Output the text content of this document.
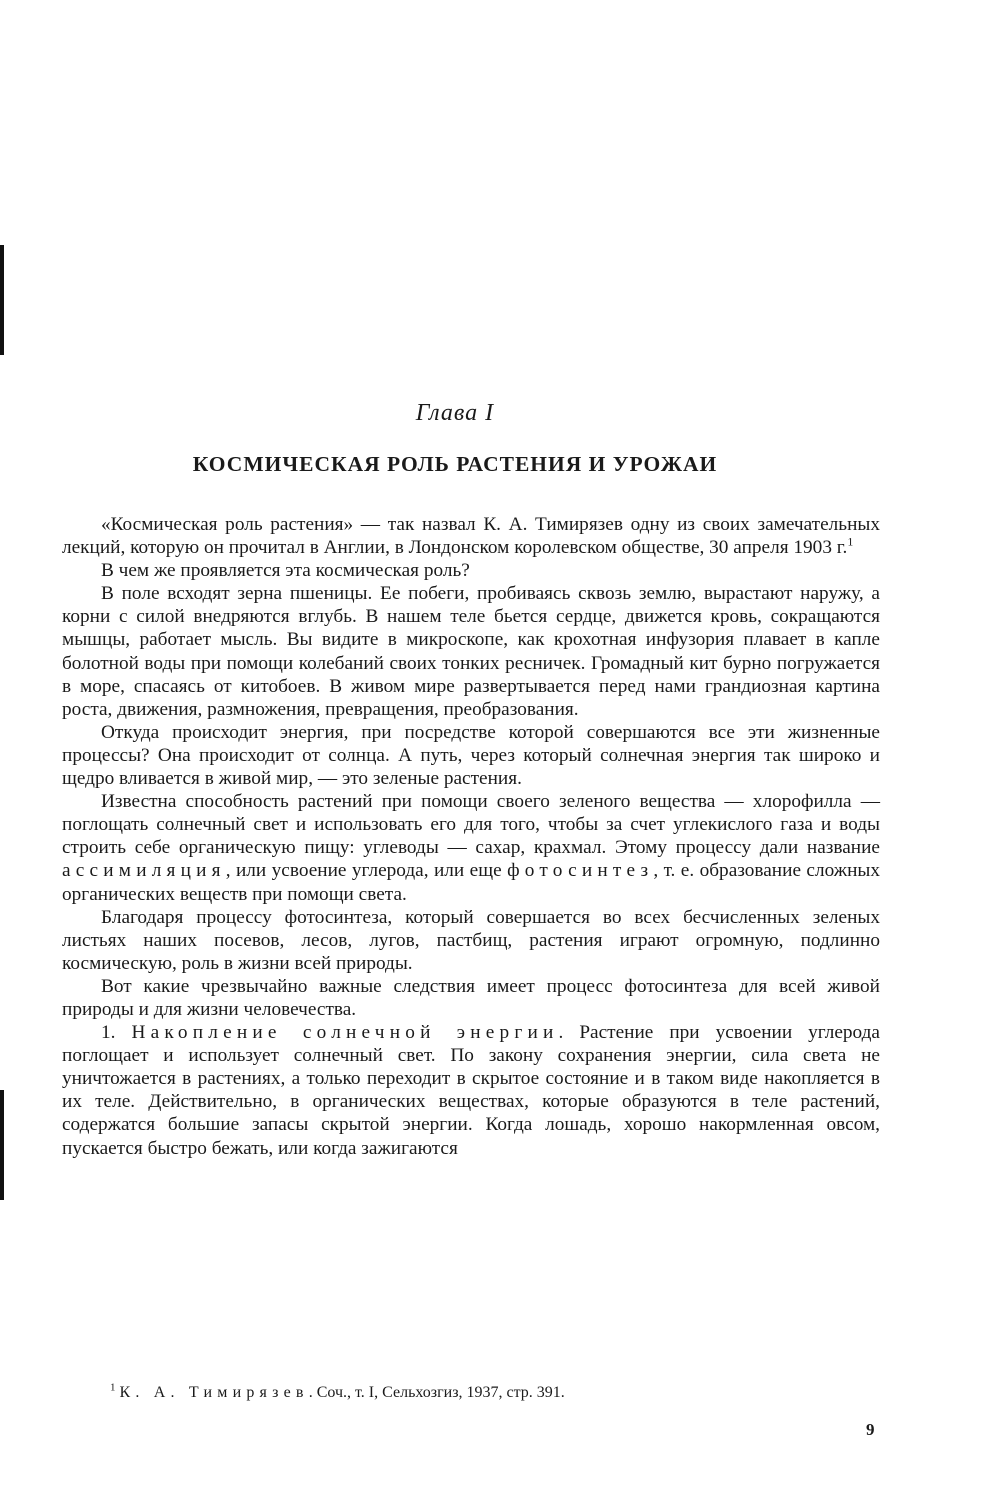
Глава I
КОСМИЧЕСКАЯ РОЛЬ РАСТЕНИЯ И УРОЖАИ

«Космическая роль растения» — так назвал К. А. Тимирязев одну из своих замечательных лекций, которую он прочитал в Англии, в Лондонском королевском обществе, 30 апреля 1903 г.$^1$

В чем же проявляется эта космическая роль?

В поле всходят зерна пшеницы. Ее побеги, пробиваясь сквозь землю, вырастают наружу, а корни с силой внедряются вглубь. В нашем теле бьется сердце, движется кровь, сокращаются мышцы, работает мысль. Вы видите в микроскопе, как крохотная инфузория плавает в капле болотной воды при помощи колебаний своих тонких ресничек. Громадный кит бурно погружается в море, спасаясь от китобоев. В живом мире развертывается перед нами грандиозная картина роста, движения, размножения, превращения, преобразования.

Откуда происходит энергия, при посредстве которой совершаются все эти жизненные процессы? Она происходит от солнца. А путь, через который солнечная энергия так широко и щедро вливается в живой мир, — это зеленые растения.

Известна способность растений при помощи своего зеленого вещества — хлорофилла — поглощать солнечный свет и использовать его для того, чтобы за счет углекислого газа и воды строить себе органическую пищу: углеводы — сахар, крахмал. Этому процессу дали название ассимиляция, или усвоение углерода, или еще фотосинтез, т. е. образование сложных органических веществ при помощи света.

Благодаря процессу фотосинтеза, который совершается во всех бесчисленных зеленых листьях наших посевов, лесов, лугов, пастбищ, растения играют огромную, подлинно космическую, роль в жизни всей природы.

Вот какие чрезвычайно важные следствия имеет процесс фотосинтеза для всей живой природы и для жизни человечества.

1. Накопление солнечной энергии. Растение при усвоении углерода поглощает и использует солнечный свет. По закону сохранения энергии, сила света не уничтожается в растениях, а только переходит в скрытое состояние и в таком виде накопляется в их теле. Действительно, в органических веществах, которые образуются в теле растений, содержатся большие запасы скрытой энергии. Когда лошадь, хорошо накормленная овсом, пускается быстро бежать, или когда зажигаются

$^1$ К. А. Тимирязев. Соч., т. I, Сельхозгиз, 1937, стр. 391.
9
